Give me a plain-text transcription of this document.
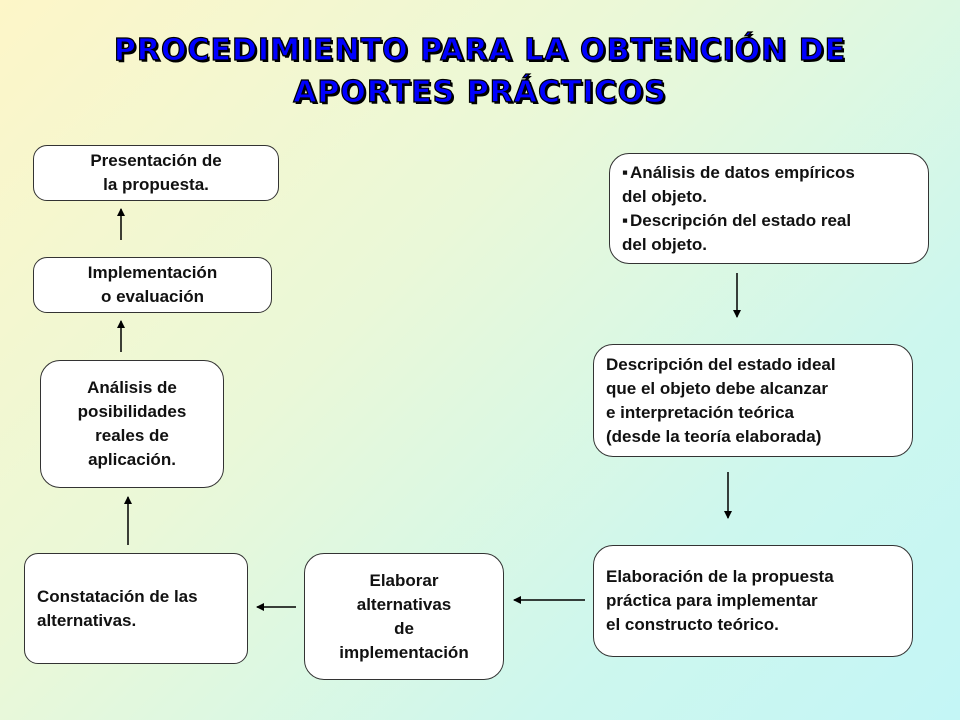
PROCEDIMIENTO PARA LA OBTENCIÓN DE
APORTES PRÁCTICOS
Presentación de
la propuesta.
Implementación
o evaluación
Análisis de
posibilidades
reales de
aplicación.
Constatación de las
alternativas.
Elaborar
alternativas
de
implementación
▪ Análisis de datos empíricos
del objeto.
▪ Descripción del estado real
del objeto.
Descripción del estado ideal
que el objeto debe alcanzar
e interpretación teórica
(desde la teoría elaborada)
Elaboración de la propuesta
práctica para implementar
el constructo teórico.
